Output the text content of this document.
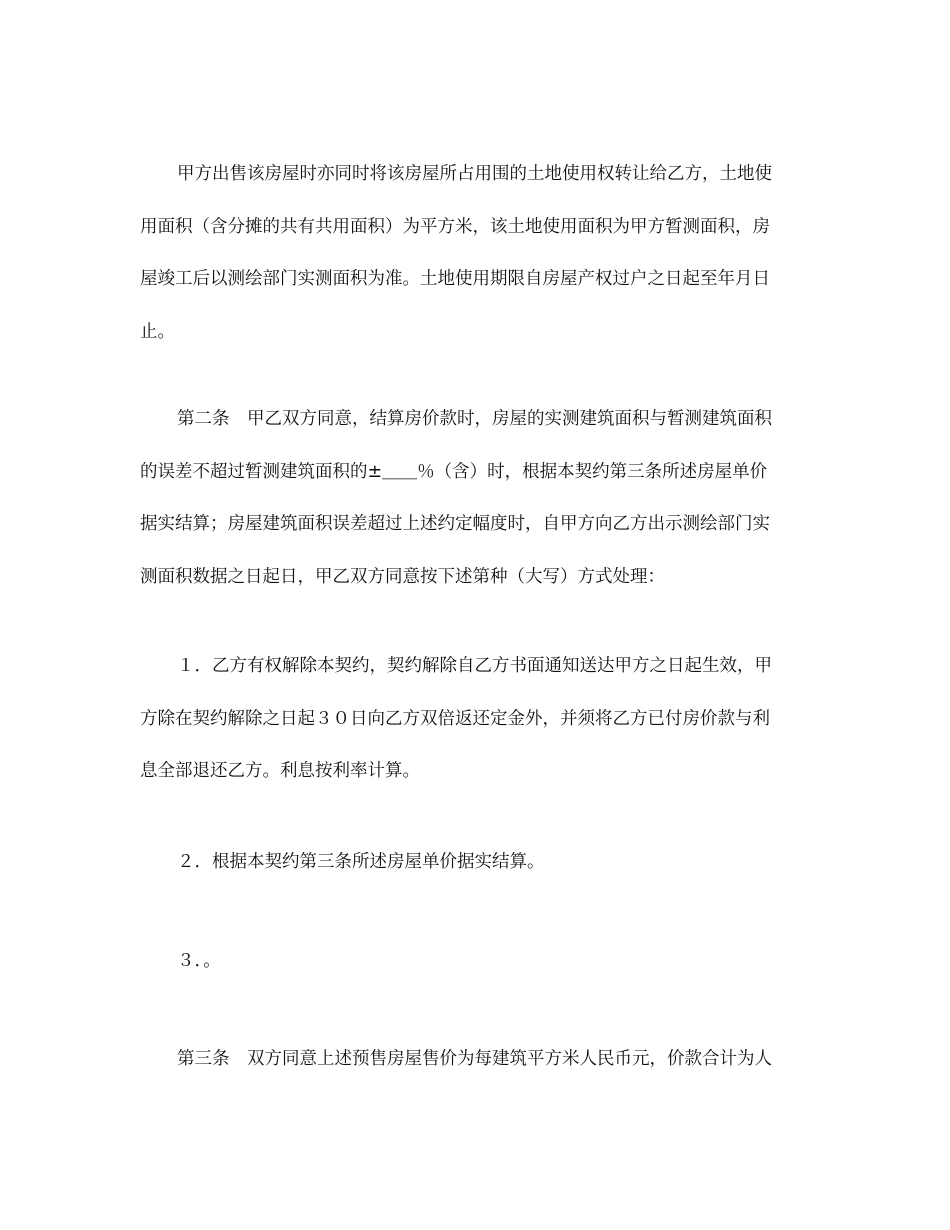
甲方出售该房屋时亦同时将该房屋所占用围的土地使用权转让给乙方，土地使
用面积（含分摊的共有共用面积）为平方米，该土地使用面积为甲方暂测面积，房
屋竣工后以测绘部门实测面积为准。土地使用期限自房屋产权过户之日起至年月日
止。
第二条　甲乙双方同意，结算房价款时，房屋的实测建筑面积与暂测建筑面积
的误差不超过暂测建筑面积的±＿＿％（含）时，根据本契约第三条所述房屋单价
据实结算；房屋建筑面积误差超过上述约定幅度时，自甲方向乙方出示测绘部门实
测面积数据之日起日，甲乙双方同意按下述第种（大写）方式处理：
１．乙方有权解除本契约，契约解除自乙方书面通知送达甲方之日起生效，甲
方除在契约解除之日起３０日向乙方双倍返还定金外，并须将乙方已付房价款与利
息全部退还乙方。利息按利率计算。
２．根据本契约第三条所述房屋单价据实结算。
３．。
第三条　双方同意上述预售房屋售价为每建筑平方米人民币元，价款合计为人
